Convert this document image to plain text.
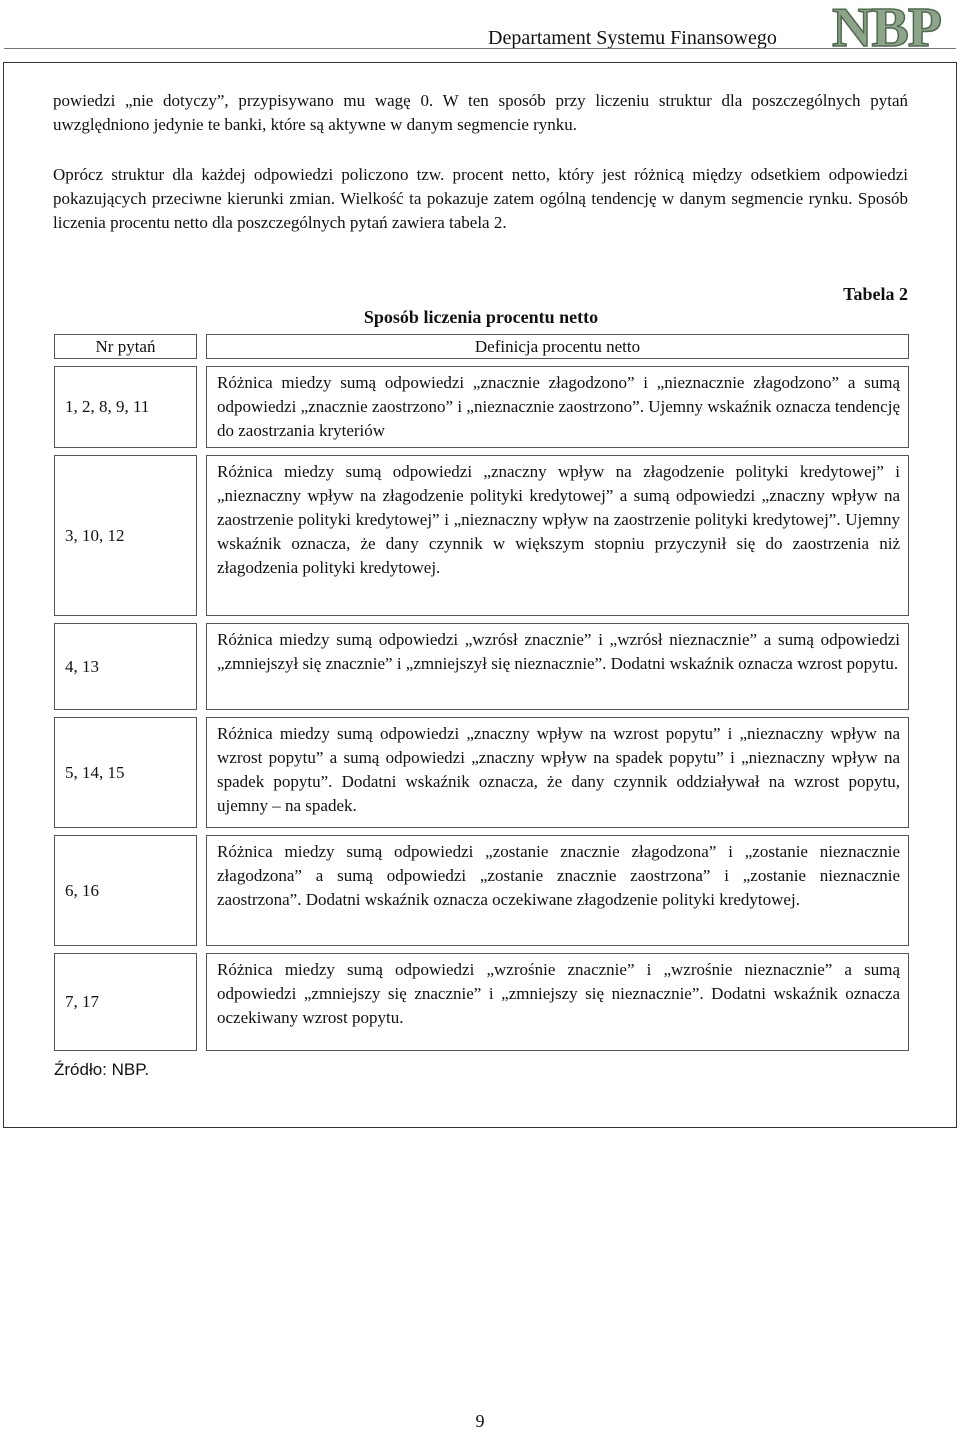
Departament Systemu Finansowego NBP
powiedzi „nie dotyczy”, przypisywano mu wagę 0. W ten sposób przy liczeniu struktur dla poszczególnych pytań uwzględniono jedynie te banki, które są aktywne w danym segmencie rynku.
Oprócz struktur dla każdej odpowiedzi policzono tzw. procent netto, który jest różnicą między odsetkiem odpowiedzi pokazujących przeciwne kierunki zmian. Wielkość ta pokazuje zatem ogólną tendencję w danym segmencie rynku. Sposób liczenia procentu netto dla poszczególnych pytań zawiera tabela 2.
Tabela 2
Sposób liczenia procentu netto
Nr pytań	Definicja procentu netto
1, 2, 8, 9, 11
Różnica miedzy sumą odpowiedzi „znacznie złagodzono” i „nieznacznie złagodzono” a sumą odpowiedzi „znacznie zaostrzono” i „nieznacznie zaostrzono”. Ujemny wskaźnik oznacza tendencję do zaostrzania kryteriów
3, 10, 12
Różnica miedzy sumą odpowiedzi „znaczny wpływ na złagodzenie polityki kredytowej” i „nieznaczny wpływ na złagodzenie polityki kredytowej” a sumą odpowiedzi „znaczny wpływ na zaostrzenie polityki kredytowej” i „nieznaczny wpływ na zaostrzenie polityki kredytowej”. Ujemny wskaźnik oznacza, że dany czynnik w większym stopniu przyczynił się do zaostrzenia niż złagodzenia polityki kredytowej.
4, 13
Różnica miedzy sumą odpowiedzi „wzrósł znacznie” i „wzrósł nieznacznie” a sumą odpowiedzi „zmniejszył się znacznie” i „zmniejszył się nieznacznie”. Dodatni wskaźnik oznacza wzrost popytu.
5, 14, 15
Różnica miedzy sumą odpowiedzi „znaczny wpływ na wzrost popytu” i „nieznaczny wpływ na wzrost popytu” a sumą odpowiedzi „znaczny wpływ na spadek popytu” i „nieznaczny wpływ na spadek popytu”. Dodatni wskaźnik oznacza, że dany czynnik oddziaływał na wzrost popytu, ujemny – na spadek.
6, 16
Różnica miedzy sumą odpowiedzi „zostanie znacznie złagodzona” i „zostanie nieznacznie złagodzona” a sumą odpowiedzi „zostanie znacznie zaostrzona” i „zostanie nieznacznie zaostrzona”. Dodatni wskaźnik oznacza oczekiwane złagodzenie polityki kredytowej.
7, 17
Różnica miedzy sumą odpowiedzi „wzrośnie znacznie” i „wzrośnie nieznacznie” a sumą odpowiedzi „zmniejszy się znacznie” i „zmniejszy się nieznacznie”. Dodatni wskaźnik oznacza oczekiwany wzrost popytu.
Źródło: NBP.
9
